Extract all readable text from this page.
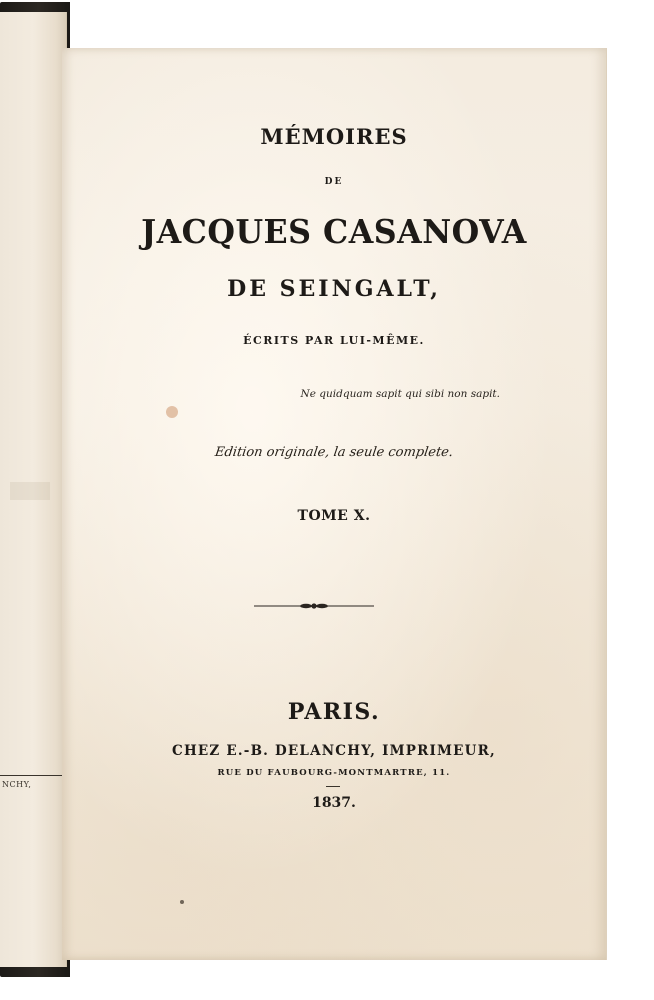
NCHY,
MÉMOIRES
DE
JACQUES CASANOVA
DE SEINGALT,
ÉCRITS PAR LUI-MÊME.
Ne quidquam sapit qui sibi non sapit.
Edition originale, la seule complete.
TOME X.
PARIS.
CHEZ E.-B. DELANCHY, IMPRIMEUR,
RUE DU FAUBOURG-MONTMARTRE, 11.
1837.
